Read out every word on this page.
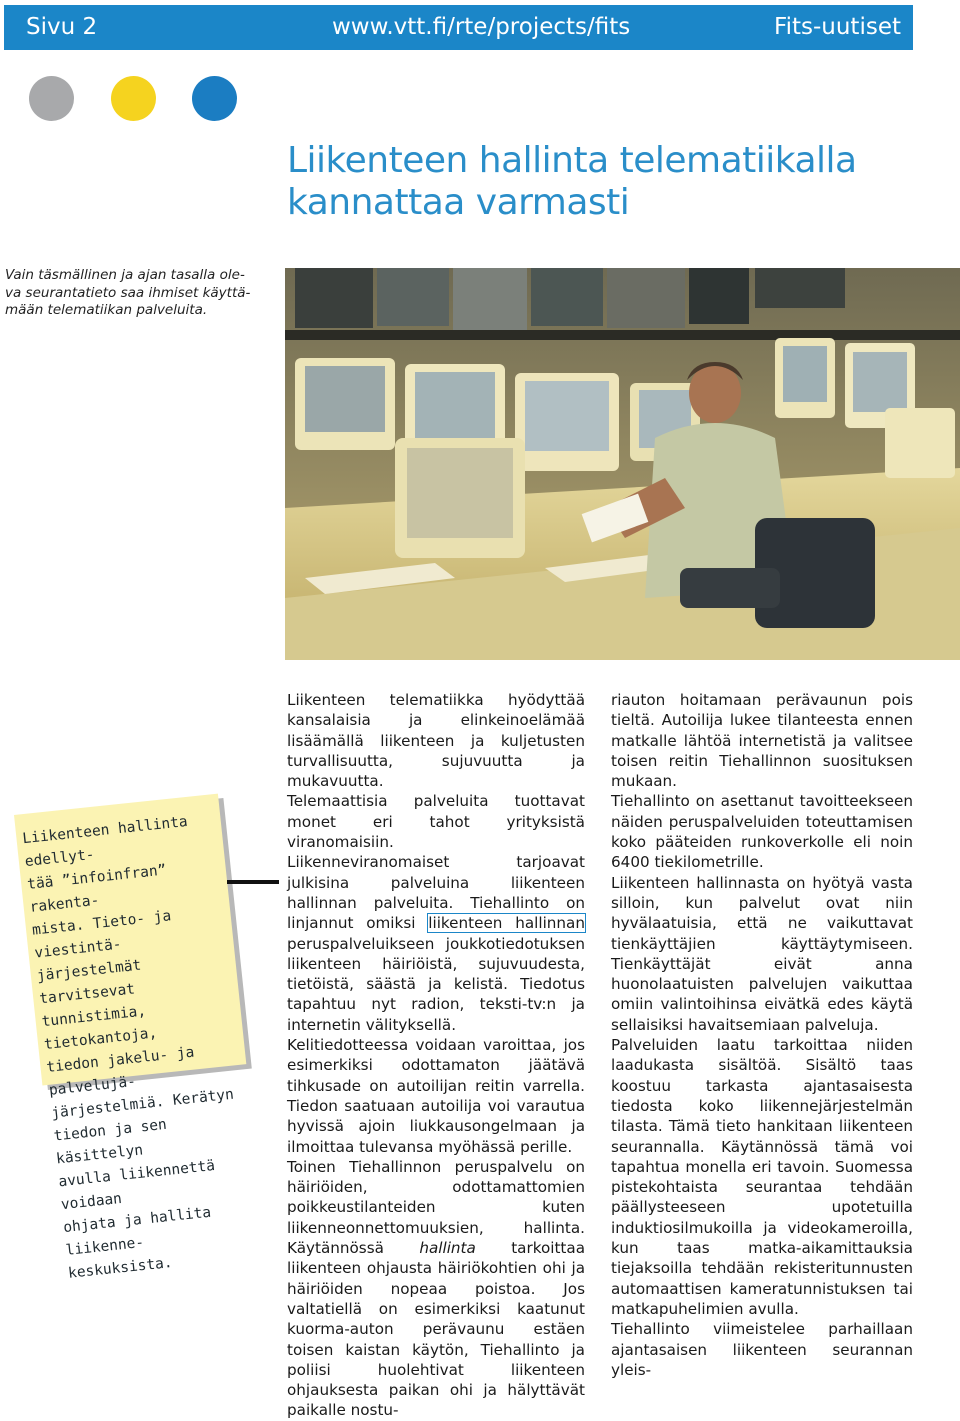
Sivu 2	www.vtt.fi/rte/projects/fits	Fits-uutiset
Liikenteen hallinta telematiikalla kannattaa varmasti

Vain täsmällinen ja ajan tasalla ole-
va seurantatieto saa ihmiset käyttä-
mään telematiikan palveluita.

Liikenteen hallinta edellyt-
tää ”infoinfran” rakenta-
mista. Tieto- ja viestintä-
järjestelmät tarvitsevat
tunnistimia, tietokantoja,
tiedon jakelu- ja palvelujä-
järjestelmiä. Kerätyn
tiedon ja sen käsittelyn
avulla liikennettä voidaan
ohjata ja hallita liikenne-
keskuksista.

Liikenteen telematiikka hyödyttää kansalaisia ja elinkeinoelämää lisäämällä liikenteen ja kuljetusten turvallisuutta, sujuvuutta ja mukavuutta.

Telemaattisia palveluita tuottavat monet eri tahot yrityksistä viranomaisiin.

Liikenneviranomaiset tarjoavat julkisina palveluina liikenteen hallinnan palveluita. Tiehallinto on linjannut omiksi liikenteen hallinnan peruspalveluikseen joukkotiedotuksen liikenteen häiriöistä, sujuvuudesta, tietöistä, säästä ja kelistä. Tiedotus tapahtuu nyt radion, teksti-tv:n ja internetin välityksellä.

Kelitiedotteessa voidaan varoittaa, jos esimerkiksi odottamaton jäätävä tihkusade on autoilijan reitin varrella. Tiedon saatuaan autoilija voi varautua hyvissä ajoin liukkausongelmaan ja ilmoittaa tulevansa myöhässä perille.

Toinen Tiehallinnon peruspalvelu on häiriöiden, odottamattomien poikkeustilanteiden kuten liikenneonnettomuuksien, hallinta. Käytännössä hallinta tarkoittaa liikenteen ohjausta häiriökohtien ohi ja häiriöiden nopeaa poistoa. Jos valtatiellä on esimerkiksi kaatunut kuorma-auton perävaunu estäen toisen kaistan käytön, Tiehallinto ja poliisi huolehtivat liikenteen ohjauksesta paikan ohi ja hälyttävät paikalle nostu-

riauton hoitamaan perävaunun pois tieltä. Autoilija lukee tilanteesta ennen matkalle lähtöä internetistä ja valitsee toisen reitin Tiehallinnon suosituksen mukaan.

Tiehallinto on asettanut tavoitteekseen näiden peruspalveluiden toteuttamisen koko pääteiden runkoverkolle eli noin 6400 tiekilometrille.

Liikenteen hallinnasta on hyötyä vasta silloin, kun palvelut ovat niin hyvälaatuisia, että ne vaikuttavat tienkäyttäjien käyttäytymiseen. Tienkäyttäjät eivät anna huonolaatuisten palvelujen vaikuttaa omiin valintoihinsa eivätkä edes käytä sellaisiksi havaitsemiaan palveluja.

Palveluiden laatu tarkoittaa niiden laadukasta sisältöä. Sisältö taas koostuu tarkasta ajantasaisesta tiedosta koko liikennejärjestelmän tilasta. Tämä tieto hankitaan liikenteen seurannalla. Käytännössä tämä voi tapahtua monella eri tavoin. Suomessa pistekohtaista seurantaa tehdään päällysteeseen upotetuilla induktiosilmukoilla ja videokameroilla, kun taas matka-aikamittauksia tiejaksoilla tehdään rekisteritunnusten automaattisen kameratunnistuksen tai matkapuhelimien avulla.

Tiehallinto viimeistelee parhaillaan ajantasaisen liikenteen seurannan yleis-
